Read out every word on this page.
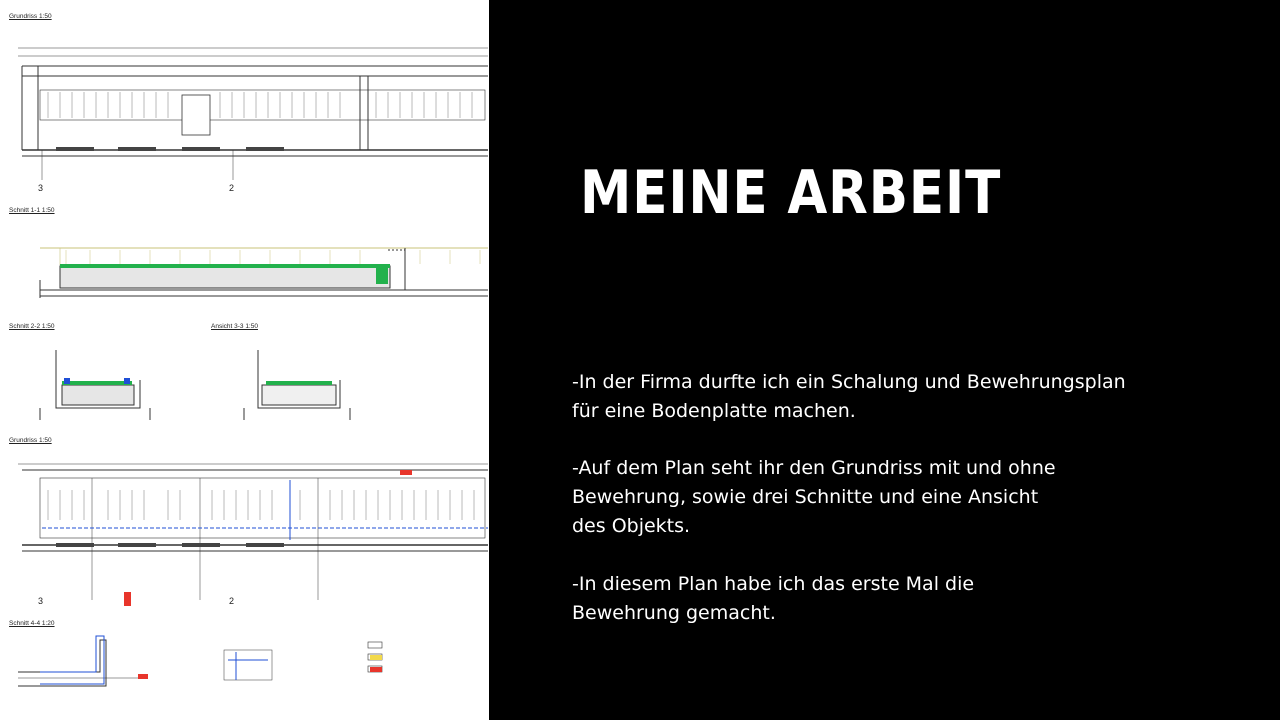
Grundriss 1:50
Schnitt 1-1 1:50
Schnitt 2-2 1:50	Ansicht 3-3 1:50
Grundriss 1:50
Schnitt 4-4 1:20
3	2
3	2
MEINE ARBEIT
-In der Firma durfte ich ein Schalung und Bewehrungsplan
für eine Bodenplatte machen.
-Auf dem Plan seht ihr den Grundriss mit und ohne
Bewehrung, sowie drei Schnitte und eine Ansicht
des Objekts.
-In diesem Plan habe ich das erste Mal die
Bewehrung gemacht.
